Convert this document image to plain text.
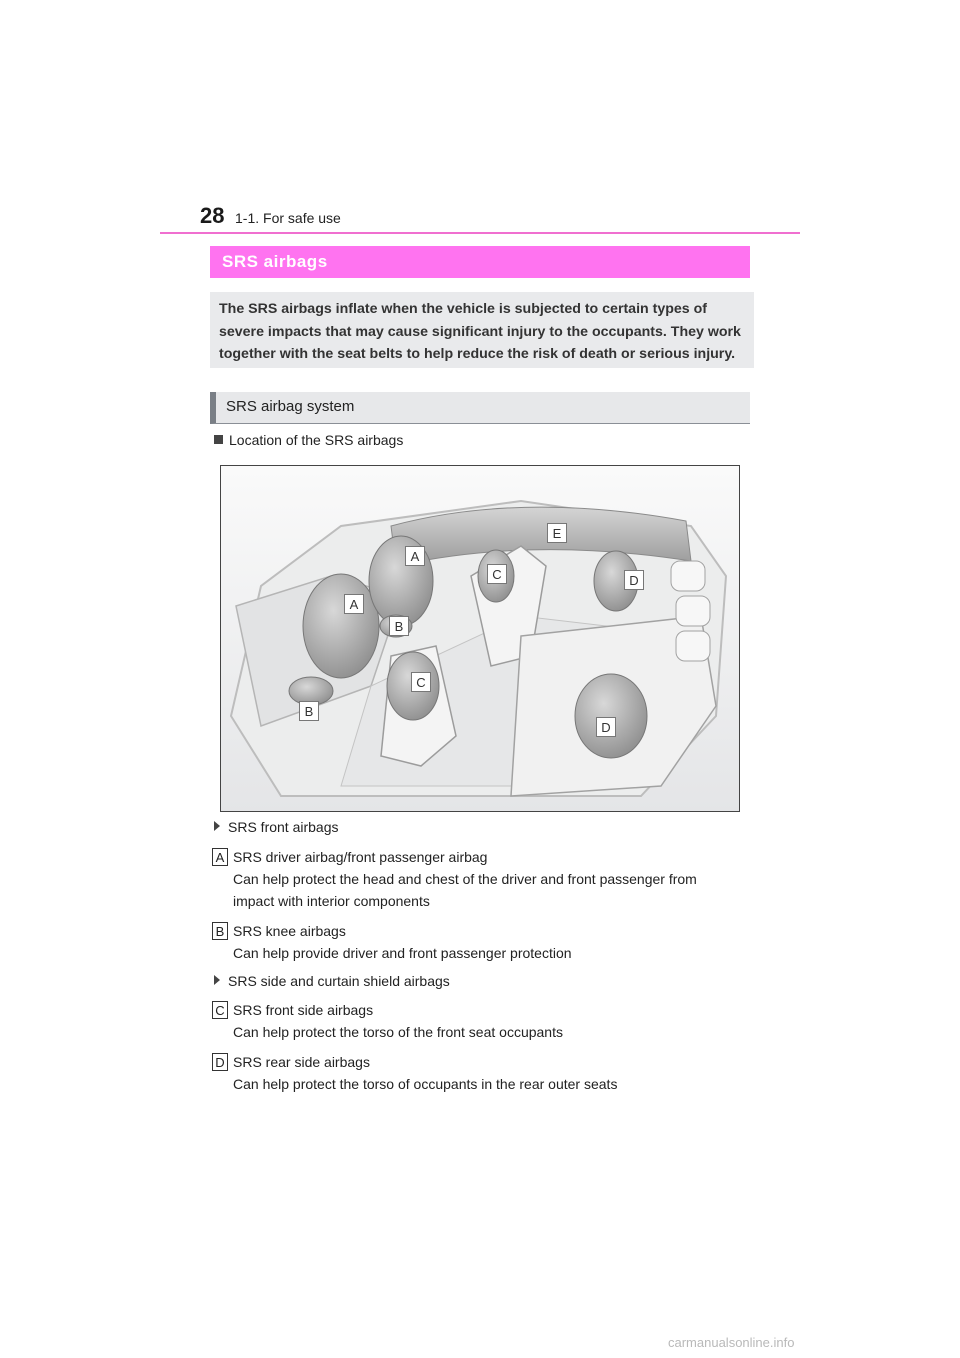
28 1-1. For safe use
SRS airbags

The SRS airbags inflate when the vehicle is subjected to certain types of severe impacts that may cause significant injury to the occupants. They work together with the seat belts to help reduce the risk of death or serious injury.

SRS airbag system
Location of the SRS airbags
A
A
B
B
C
C
D
D
E
SRS front airbags
A SRS driver airbag/front passenger airbag
Can help protect the head and chest of the driver and front passenger from
impact with interior components
B SRS knee airbags
Can help provide driver and front passenger protection
SRS side and curtain shield airbags
C SRS front side airbags
Can help protect the torso of the front seat occupants
D SRS rear side airbags
Can help protect the torso of occupants in the rear outer seats
carmanualsonline.info
